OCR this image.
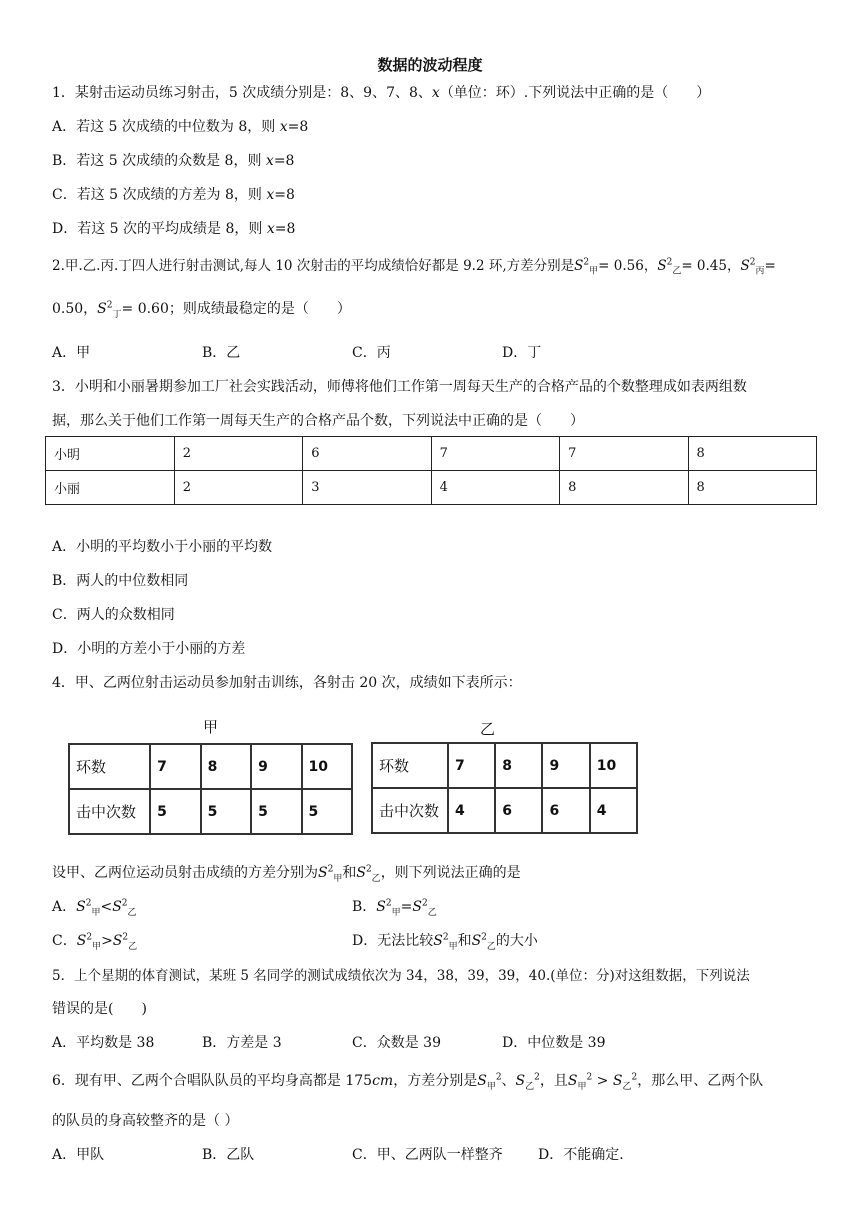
数据的波动程度
1．某射击运动员练习射击，5 次成绩分别是：8、9、7、8、x（单位：环）.下列说法中正确的是（　　）
A．若这 5 次成绩的中位数为 8，则 x=8
B．若这 5 次成绩的众数是 8，则 x=8
C．若这 5 次成绩的方差为 8，则 x=8
D．若这 5 次的平均成绩是 8，则 x=8
2.甲.乙.丙.丁四人进行射击测试,每人 10 次射击的平均成绩恰好都是 9.2 环,方差分别是$S^2_甲= 0.56$，$S^2_乙= 0.45$，$S^2_丙=$
0.50，$S^2_丁= 0.60$；则成绩最稳定的是（　　）
A．甲	B．乙	C．丙	D．丁
3．小明和小丽暑期参加工厂社会实践活动，师傅将他们工作第一周每天生产的合格产品的个数整理成如表两组数
据，那么关于他们工作第一周每天生产的合格产品个数，下列说法中正确的是（　　）
小明	2	6	7	7	8
小丽	2	3	4	8	8
A．小明的平均数小于小丽的平均数
B．两人的中位数相同
C．两人的众数相同
D．小明的方差小于小丽的方差
4．甲、乙两位射击运动员参加射击训练，各射击 20 次，成绩如下表所示：
甲	乙
环数	7	8	9	10
击中次数	5	5	5	5
环数	7	8	9	10
击中次数	4	6	6	4
设甲、乙两位运动员射击成绩的方差分别为$S^2_甲$和$S^2_乙$，则下列说法正确的是
A．$S^2_甲<S^2_乙$	B．$S^2_甲=S^2_乙$
C．$S^2_甲>S^2_乙$	D．无法比较$S^2_甲$和$S^2_乙$的大小
5．上个星期的体育测试，某班 5 名同学的测试成绩依次为 34，38，39，39，40.(单位：分)对这组数据，下列说法
错误的是(　　)
A．平均数是 38	B．方差是 3	C．众数是 39	D．中位数是 39
6．现有甲、乙两个合唱队队员的平均身高都是 175cm，方差分别是$S_甲^2$、$S_乙^2$，且$S_甲^2 > S_乙^2$，那么甲、乙两个队
的队员的身高较整齐的是（ ）
A．甲队	B．乙队	C．甲、乙两队一样整齐	D．不能确定.
